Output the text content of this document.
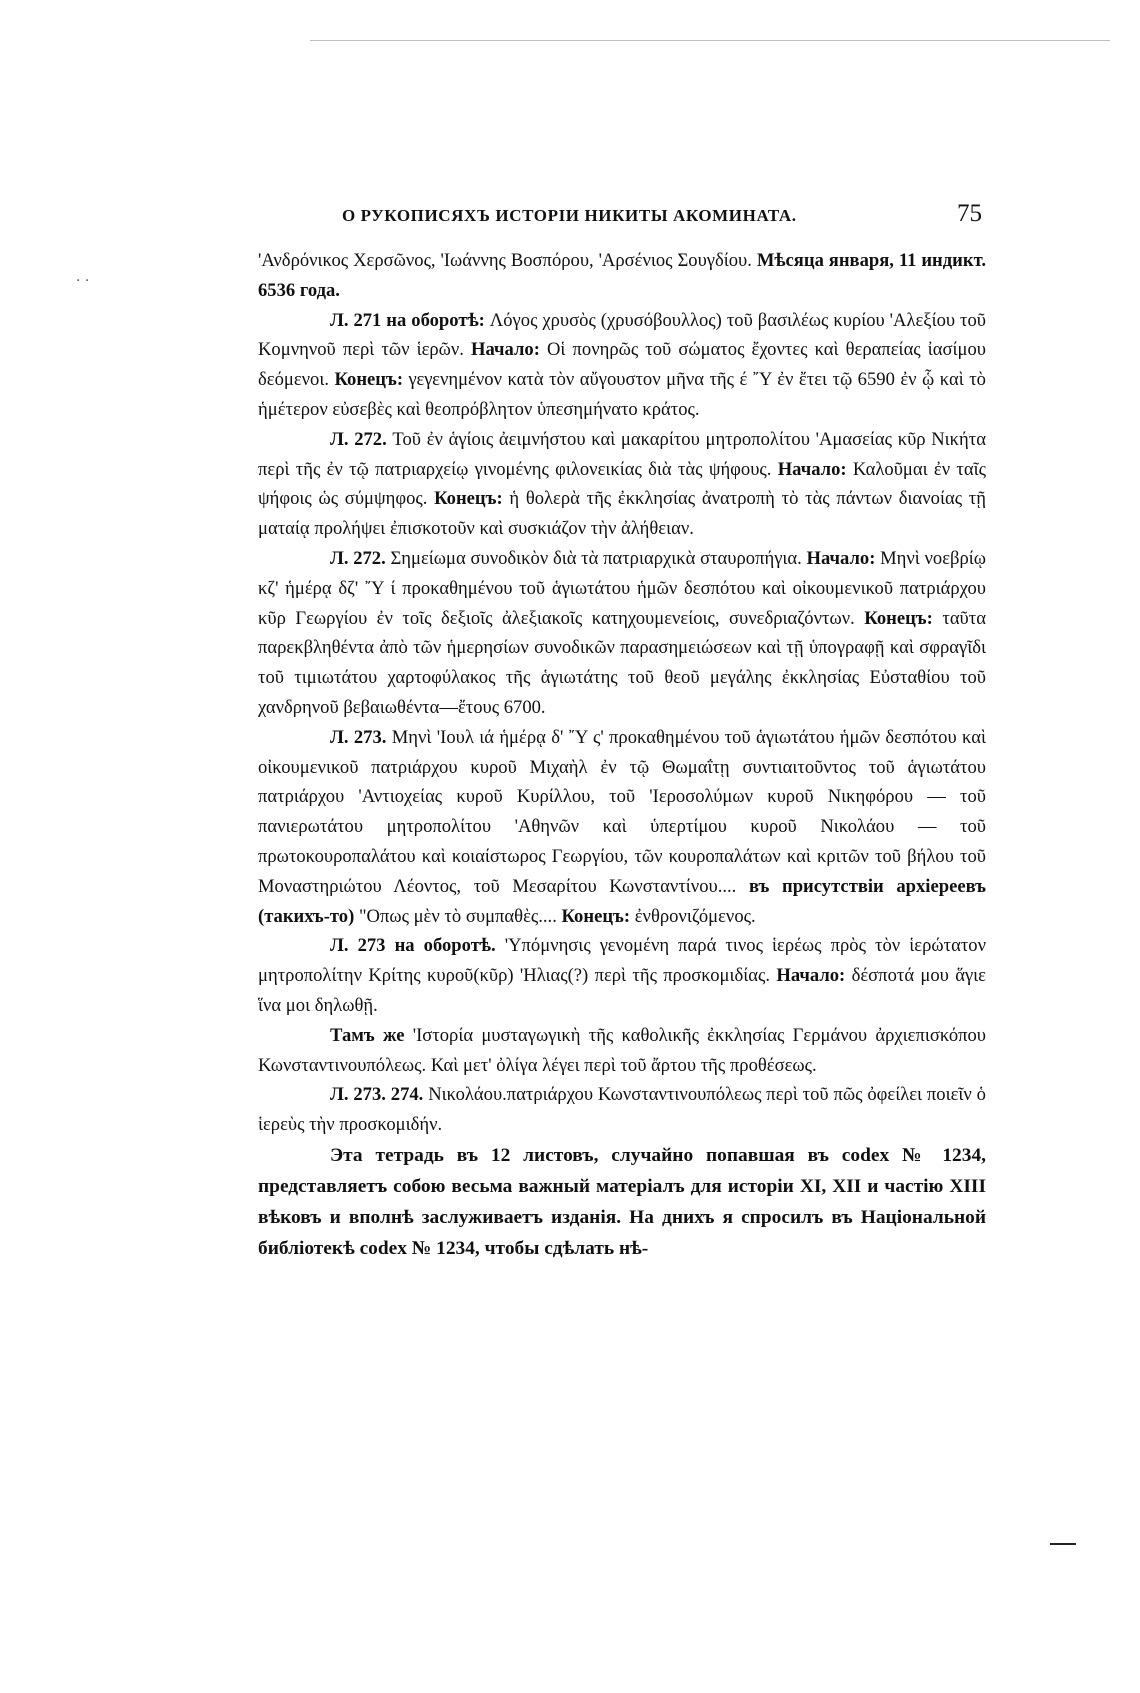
· ·
О РУКОПИСЯХЪ ИСТОРІИ НИКИТЫ АКОМИНАТА.	75

'Ανδρόνικος Χερσῶνος, 'Ιωάννης Βοσπόρου, 'Αρσένιος Σουγδίου. Мѣсяца января, 11 индикт. 6536 года.

Л. 271 на оборотѣ: Λόγος χρυσὸς (χρυσόβουλλος) τοῦ βασιλέως κυρίου 'Αλεξίου τοῦ Κομνηνοῦ περὶ τῶν ἱερῶν. Начало: Οἱ πονηρῶς τοῦ σώματος ἔχοντες καὶ θεραπείας ἰασίμου δεόμενοι. Конецъ: γεγενημένον κατὰ τὸν αὔγουστον μῆνα τῆς έ ῎Υ ἐν ἔτει τῷ 6590 ἐν ᾧ καὶ τὸ ἡμέτερον εὐσεβὲς καὶ θεοπρόβλητον ὑπεσημήνατο κράτος.

Л. 272. Τοῦ ἐν ἁγίοις ἀειμνήστου καὶ μακαρίτου μητροπολίτου 'Αμασείας κῦρ Νικήτα περὶ τῆς ἐν τῷ πατριαρχείῳ γινομένης φιλονεικίας διὰ τὰς ψήφους. Начало: Καλοῦμαι ἐν ταῖς ψήφοις ὡς σύμψηφος. Конецъ: ἡ θολερὰ τῆς ἐκκλησίας ἀνατροπὴ τὸ τὰς πάντων διανοίας τῇ ματαίᾳ προλήψει ἐπισκοτοῦν καὶ συσκιάζον τὴν ἀλήθειαν.

Л. 272. Σημείωμα συνοδικὸν διὰ τὰ πατριαρχικὰ σταυροπήγια. Начало: Μηνὶ νοεβρίῳ κζ' ἡμέρᾳ δζ' ῎Υ ί προκαθημένου τοῦ ἁγιωτάτου ἡμῶν δεσπότου καὶ οἰκουμενικοῦ πατριάρχου κῦρ Γεωργίου ἐν τοῖς δεξιοῖς ἀλεξιακοῖς κατηχουμενείοις, συνεδριαζόντων. Конецъ: ταῦτα παρεκβληθέντα ἀπὸ τῶν ἡμερησίων συνοδικῶν παρασημειώσεων καὶ τῇ ὑπογραφῇ καὶ σφραγῖδι τοῦ τιμιωτάτου χαρτοφύλακος τῆς ἁγιωτάτης τοῦ θεοῦ μεγάλης ἐκκλησίας Εὐσταθίου τοῦ χανδρηνοῦ βεβαιωθέντα—ἔτους 6700.

Л. 273. Μηνὶ 'Ιουλ ιά ἡμέρᾳ δ' ῎Υ ς' προκαθημένου τοῦ ἁγιωτάτου ἡμῶν δεσπότου καὶ οἰκουμενικοῦ πατριάρχου κυροῦ Μιχαὴλ ἐν τῷ Θωμαΐτῃ συντιαιτοῦντος τοῦ ἁγιωτάτου πατριάρχου 'Αντιοχείας κυροῦ Κυρίλλου, τοῦ 'Ιεροσολύμων κυροῦ Νικηφόρου — τοῦ πανιερωτάτου μητροπολίτου 'Αθηνῶν καὶ ὑπερτίμου κυροῦ Νικολάου — τοῦ πρωτοκουροπαλάτου καὶ κοιαίστωρος Γεωργίου, τῶν κουροπαλάτων καὶ κριτῶν τοῦ βήλου τοῦ Μοναστηριώτου Λέοντος, τοῦ Μεσαρίτου Κωνσταντίνου.... въ присутствіи архіереевъ (такихъ-то) "Οπως μὲν τὸ συμπαθὲς.... Конецъ: ἐνθρονιζόμενος.

Л. 273 на оборотѣ. 'Υπόμνησις γενομένη παρά τινος ἱερέως πρὸς τὸν ἱερώτατον μητροπολίτην Κρίτης κυροῦ(κῦρ) 'Ηλιας(?) περὶ τῆς προσκομιδίας. Начало: δέσποτά μου ἅγιε ἵνα μοι δηλωθῇ.

Тамъ же 'Ιστορία μυσταγωγικὴ τῆς καθολικῆς ἐκκλησίας Γερμάνου ἀρχιεπισκόπου Κωνσταντινουπόλεως. Καὶ μετ' ὀλίγα λέγει περὶ τοῦ ἄρτου τῆς προθέσεως.

Л. 273. 274. Νικολάου.πατριάρχου Κωνσταντινουπόλεως περὶ τοῦ πῶς ὀφείλει ποιεῖν ὁ ἱερεὺς τὴν προσκομιδήν.

Эта тетрадь въ 12 листовъ, случайно попавшая въ codex № 1234, представляетъ собою весьма важный матеріалъ для исторіи XI, XII и частію XIII вѣковъ и вполнѣ заслуживаетъ изданія. На днихъ я спросилъ въ Національной библіотекѣ codex № 1234, чтобы сдѣлать нѣ-
